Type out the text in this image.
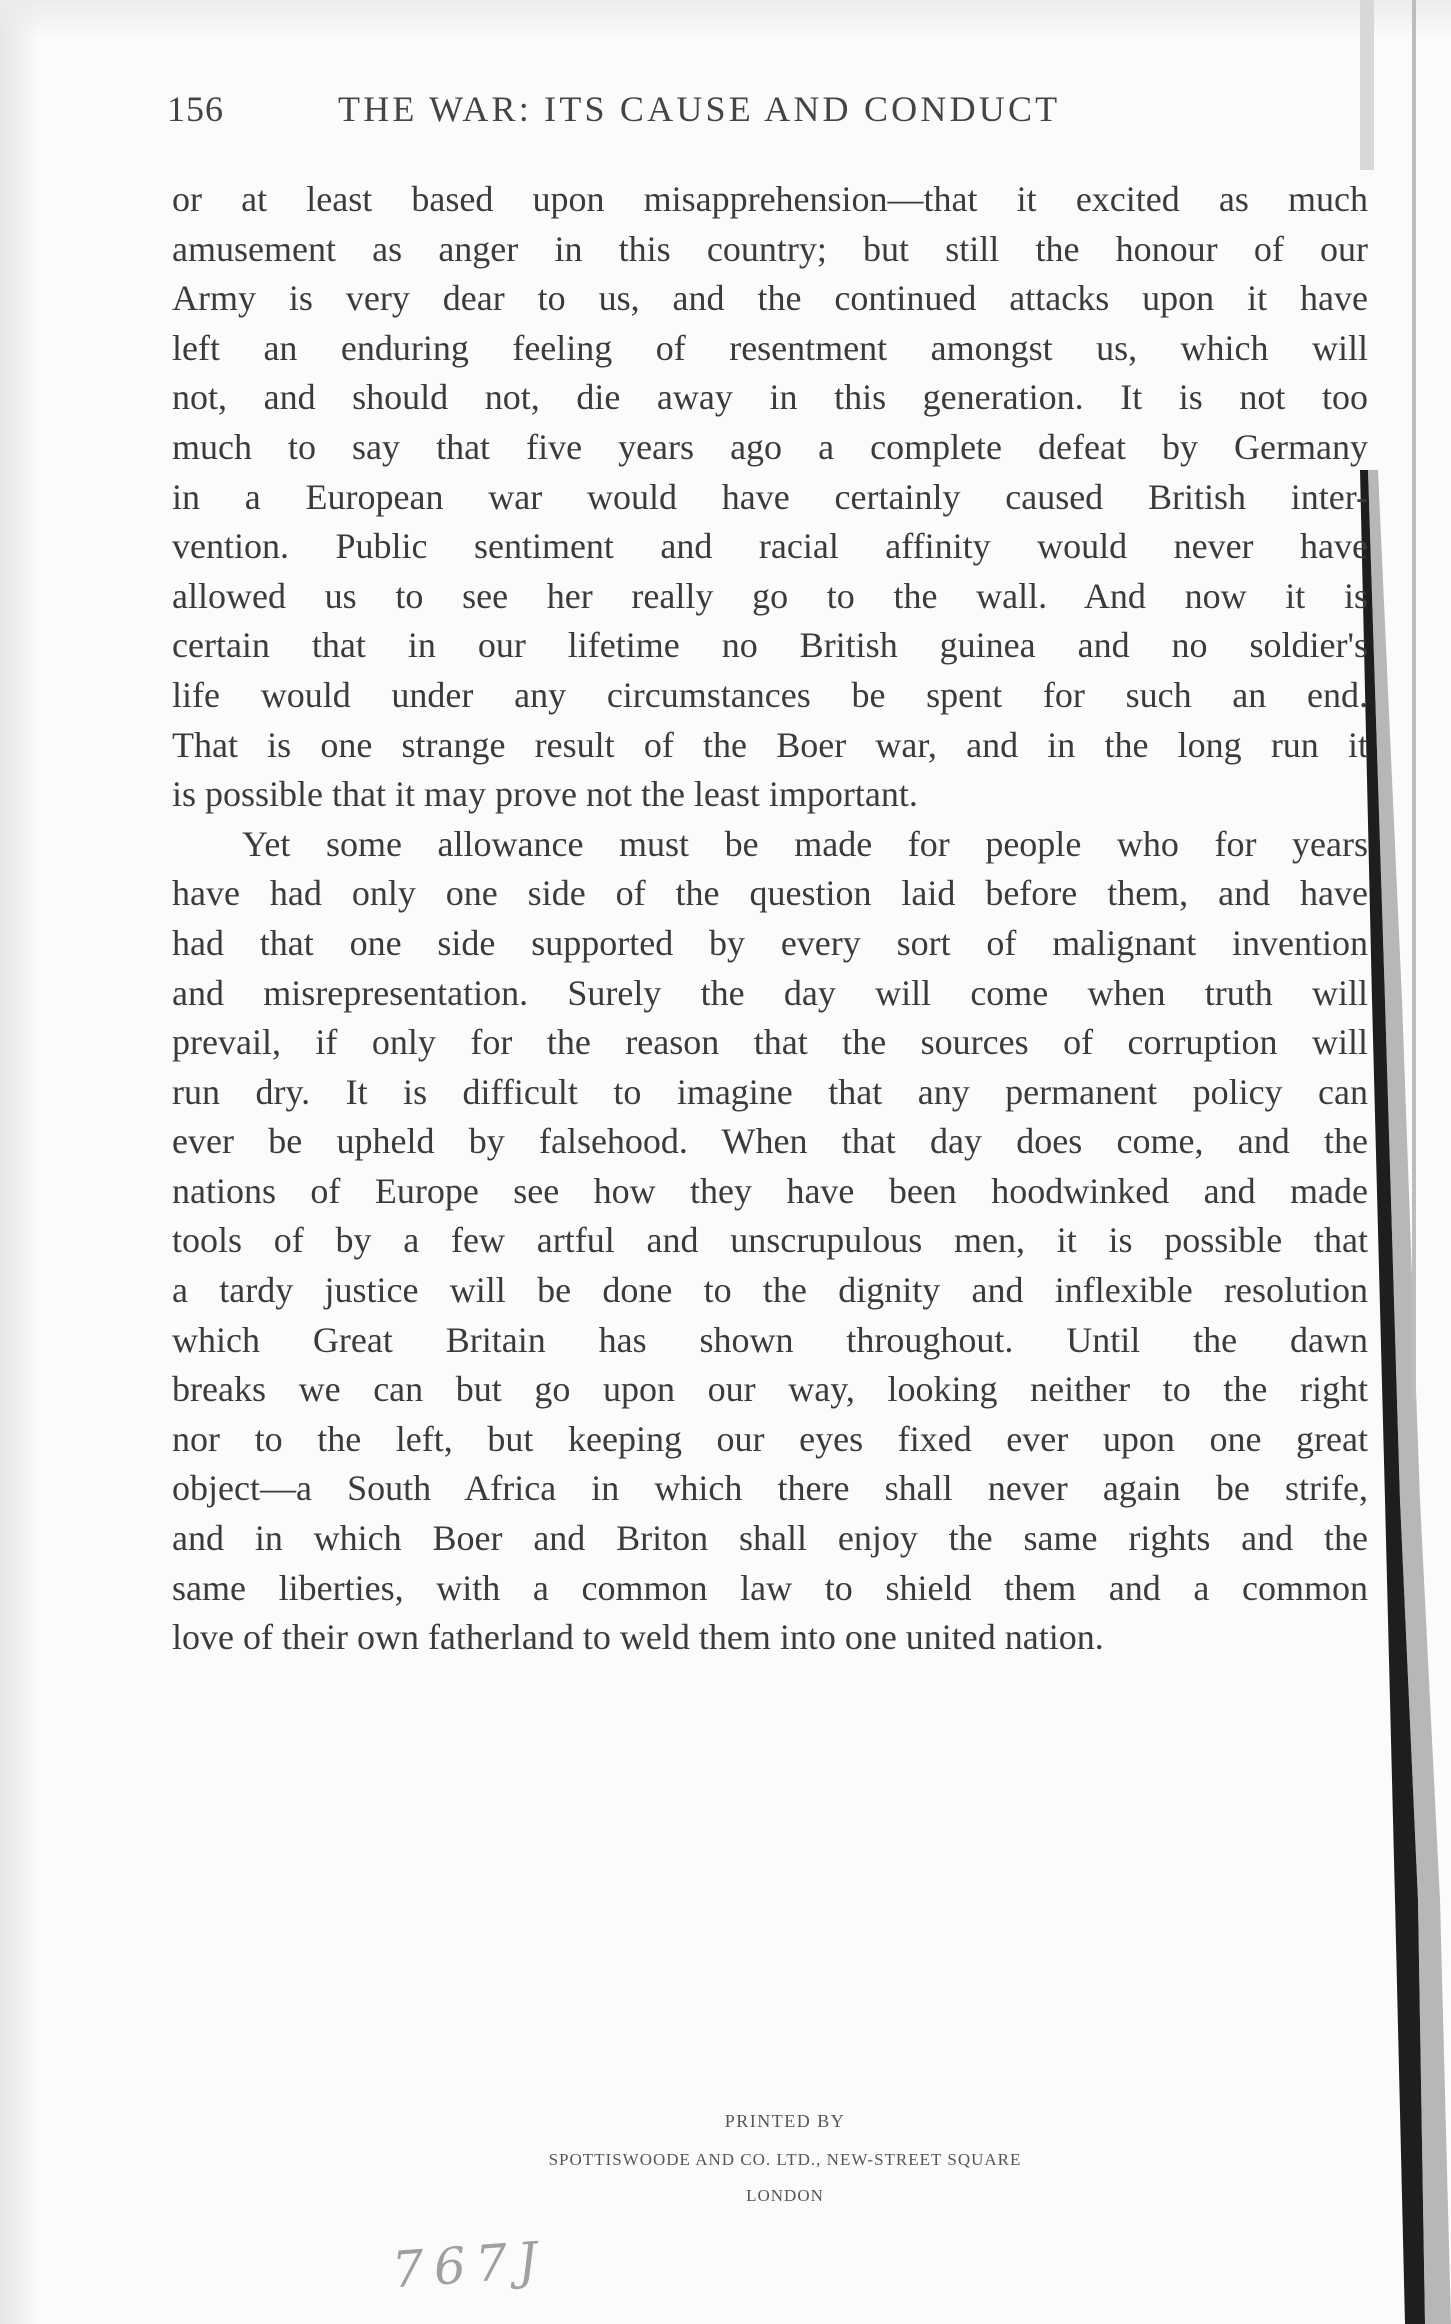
156	THE WAR: ITS CAUSE AND CONDUCT
or at least based upon misapprehension—that it excited as much
amusement as anger in this country; but still the honour of our
Army is very dear to us, and the continued attacks upon it have
left an enduring feeling of resentment amongst us, which will
not, and should not, die away in this generation. It is not too
much to say that five years ago a complete defeat by Germany
in a European war would have certainly caused British inter-
vention. Public sentiment and racial affinity would never have
allowed us to see her really go to the wall. And now it is
certain that in our lifetime no British guinea and no soldier's
life would under any circumstances be spent for such an end.
That is one strange result of the Boer war, and in the long run it
is possible that it may prove not the least important.
Yet some allowance must be made for people who for years
have had only one side of the question laid before them, and have
had that one side supported by every sort of malignant invention
and misrepresentation. Surely the day will come when truth will
prevail, if only for the reason that the sources of corruption will
run dry. It is difficult to imagine that any permanent policy can
ever be upheld by falsehood. When that day does come, and the
nations of Europe see how they have been hoodwinked and made
tools of by a few artful and unscrupulous men, it is possible that
a tardy justice will be done to the dignity and inflexible resolution
which Great Britain has shown throughout. Until the dawn
breaks we can but go upon our way, looking neither to the right
nor to the left, but keeping our eyes fixed ever upon one great
object—a South Africa in which there shall never again be strife,
and in which Boer and Briton shall enjoy the same rights and the
same liberties, with a common law to shield them and a common
love of their own fatherland to weld them into one united nation.
PRINTED BY
SPOTTISWOODE AND CO. LTD., NEW-STREET SQUARE
LONDON
767J
